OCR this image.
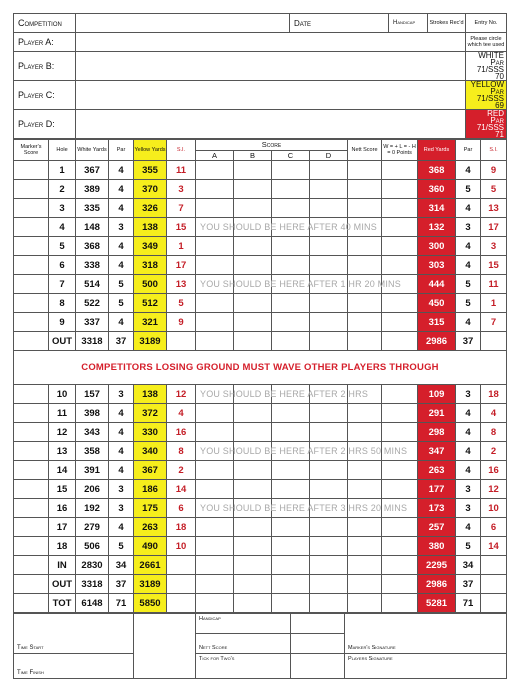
Competition		Date	Handicap	Strokes Rec'd	Entry No.
Player A:					Please circle which tee used
Player B:					WHITE
Par 71/SSS 70
Player C:					YELLOW
Par 71/SSS 69
Player D:					RED
Par 71/SSS 71
Marker's Score	Hole	White Yards	Par	Yellow Yards	S.I.	Score				Nett Score	W = + L = - H = 0 Points	Red Yards	Par	S.I.
						A	B	C	D					
	1	367	4	355	11							368	4	9
	2	389	4	370	3							360	5	5
	3	335	4	326	7							314	4	13
	4	148	3	138	15	YOU SHOULD BE HERE AFTER 40 MINS						132	3	17
	5	368	4	349	1							300	4	3
	6	338	4	318	17							303	4	15
	7	514	5	500	13	YOU SHOULD BE HERE AFTER 1 HR 20 MINS						444	5	11
	8	522	5	512	5							450	5	1
	9	337	4	321	9							315	4	7
	OUT	3318	37	3189								2986	37	
COMPETITORS LOSING GROUND MUST WAVE OTHER PLAYERS THROUGH														
	10	157	3	138	12	YOU SHOULD BE HERE AFTER 2 HRS						109	3	18
	11	398	4	372	4							291	4	4
	12	343	4	330	16							298	4	8
	13	358	4	340	8	YOU SHOULD BE HERE AFTER 2 HRS 50 MINS						347	4	2
	14	391	4	367	2							263	4	16
	15	206	3	186	14							177	3	12
	16	192	3	175	6	YOU SHOULD BE HERE AFTER 3 HRS 20 MINS						173	3	10
	17	279	4	263	18							257	4	6
	18	506	5	490	10							380	5	14
	IN	2830	34	2661								2295	34	
	OUT	3318	37	3189								2986	37	
	TOT	6148	71	5850								5281	71	
Time Start		Handicap		Marker's Signature
		Nett Score		
Time Finish		Tick for Two's		Players Signature
